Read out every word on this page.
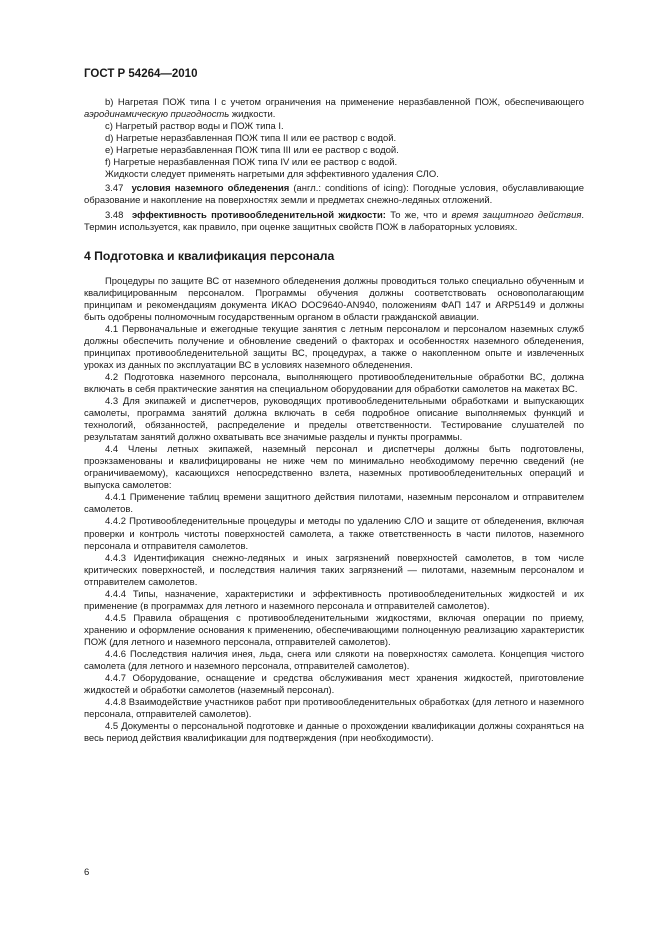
ГОСТ Р 54264—2010

b) Нагретая ПОЖ типа I с учетом ограничения на применение неразбавленной ПОЖ, обеспечивающего аэродинамическую пригодность жидкости.

c) Нагретый раствор воды и ПОЖ типа I.

d) Нагретые неразбавленная ПОЖ типа II или ее раствор с водой.

e) Нагретые неразбавленная ПОЖ типа III или ее раствор с водой.

f) Нагретые неразбавленная ПОЖ типа IV или ее раствор с водой.

Жидкости следует применять нагретыми для эффективного удаления СЛО.

3.47 условия наземного обледенения (англ.: conditions of icing): Погодные условия, обуславливающие образование и накопление на поверхностях земли и предметах снежно-ледяных отложений.

3.48 эффективность противообледенительной жидкости: То же, что и время защитного действия. Термин используется, как правило, при оценке защитных свойств ПОЖ в лабораторных условиях.

4 Подготовка и квалификация персонала

Процедуры по защите ВС от наземного обледенения должны проводиться только специально обученным и квалифицированным персоналом. Программы обучения должны соответствовать основополагающим принципам и рекомендациям документа ИКАО DOC9640-AN940, положениям ФАП 147 и ARP5149 и должны быть одобрены полномочным государственным органом в области гражданской авиации.

4.1 Первоначальные и ежегодные текущие занятия с летным персоналом и персоналом наземных служб должны обеспечить получение и обновление сведений о факторах и особенностях наземного обледенения, принципах противообледенительной защиты ВС, процедурах, а также о накопленном опыте и извлеченных уроках из данных по эксплуатации ВС в условиях наземного обледенения.

4.2 Подготовка наземного персонала, выполняющего противообледенительные обработки ВС, должна включать в себя практические занятия на специальном оборудовании для обработки самолетов на макетах ВС.

4.3 Для экипажей и диспетчеров, руководящих противообледенительными обработками и выпускающих самолеты, программа занятий должна включать в себя подробное описание выполняемых функций и технологий, обязанностей, распределение и пределы ответственности. Тестирование слушателей по результатам занятий должно охватывать все значимые разделы и пункты программы.

4.4 Члены летных экипажей, наземный персонал и диспетчеры должны быть подготовлены, проэкзаменованы и квалифицированы не ниже чем по минимально необходимому перечню сведений (не ограничиваемому), касающихся непосредственно взлета, наземных противообледенительных операций и выпуска самолетов:

4.4.1 Применение таблиц времени защитного действия пилотами, наземным персоналом и отправителем самолетов.

4.4.2 Противообледенительные процедуры и методы по удалению СЛО и защите от обледенения, включая проверки и контроль чистоты поверхностей самолета, а также ответственность в части пилотов, наземного персонала и отправителя самолетов.

4.4.3 Идентификация снежно-ледяных и иных загрязнений поверхностей самолетов, в том числе критических поверхностей, и последствия наличия таких загрязнений — пилотами, наземным персоналом и отправителем самолетов.

4.4.4 Типы, назначение, характеристики и эффективность противообледенительных жидкостей и их применение (в программах для летного и наземного персонала и отправителей самолетов).

4.4.5 Правила обращения с противообледенительными жидкостями, включая операции по приему, хранению и оформление основания к применению, обеспечивающими полноценную реализацию характеристик ПОЖ (для летного и наземного персонала, отправителей самолетов).

4.4.6 Последствия наличия инея, льда, снега или слякоти на поверхностях самолета. Концепция чистого самолета (для летного и наземного персонала, отправителей самолетов).

4.4.7 Оборудование, оснащение и средства обслуживания мест хранения жидкостей, приготовление жидкостей и обработки самолетов (наземный персонал).

4.4.8 Взаимодействие участников работ при противообледенительных обработках (для летного и наземного персонала, отправителей самолетов).

4.5 Документы о персональной подготовке и данные о прохождении квалификации должны сохраняться на весь период действия квалификации для подтверждения (при необходимости).

6
